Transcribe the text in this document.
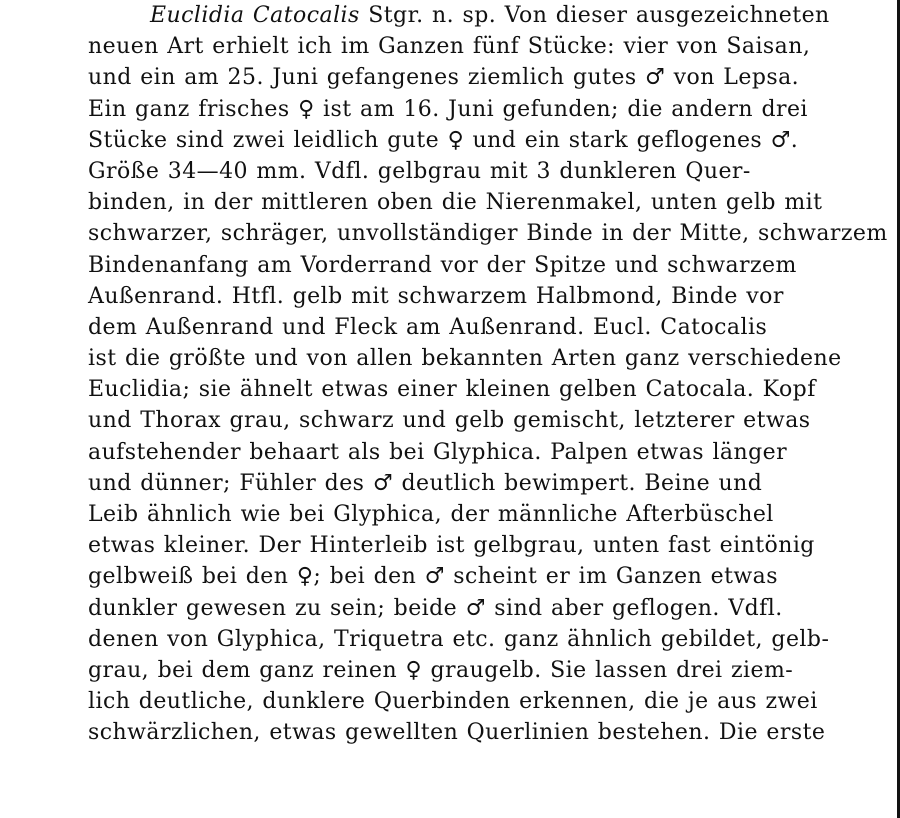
Euclidia Catocalis Stgr. n. sp. Von dieser ausgezeichneten
neuen Art erhielt ich im Ganzen fünf Stücke: vier von Saisan,
und ein am 25. Juni gefangenes ziemlich gutes ♂ von Lepsa.
Ein ganz frisches ♀ ist am 16. Juni gefunden; die andern drei
Stücke sind zwei leidlich gute ♀ und ein stark geflogenes ♂.
Größe 34—40 mm. Vdfl. gelbgrau mit 3 dunkleren Quer-
binden, in der mittleren oben die Nierenmakel, unten gelb mit
schwarzer, schräger, unvollständiger Binde in der Mitte, schwarzem
Bindenanfang am Vorderrand vor der Spitze und schwarzem
Außenrand. Htfl. gelb mit schwarzem Halbmond, Binde vor
dem Außenrand und Fleck am Außenrand. Eucl. Catocalis
ist die größte und von allen bekannten Arten ganz verschiedene
Euclidia; sie ähnelt etwas einer kleinen gelben Catocala. Kopf
und Thorax grau, schwarz und gelb gemischt, letzterer etwas
aufstehender behaart als bei Glyphica. Palpen etwas länger
und dünner; Fühler des ♂ deutlich bewimpert. Beine und
Leib ähnlich wie bei Glyphica, der männliche Afterbüschel
etwas kleiner. Der Hinterleib ist gelbgrau, unten fast eintönig
gelbweiß bei den ♀; bei den ♂ scheint er im Ganzen etwas
dunkler gewesen zu sein; beide ♂ sind aber geflogen. Vdfl.
denen von Glyphica, Triquetra etc. ganz ähnlich gebildet, gelb-
grau, bei dem ganz reinen ♀ graugelb. Sie lassen drei ziem-
lich deutliche, dunklere Querbinden erkennen, die je aus zwei
schwärzlichen, etwas gewellten Querlinien bestehen. Die erste
